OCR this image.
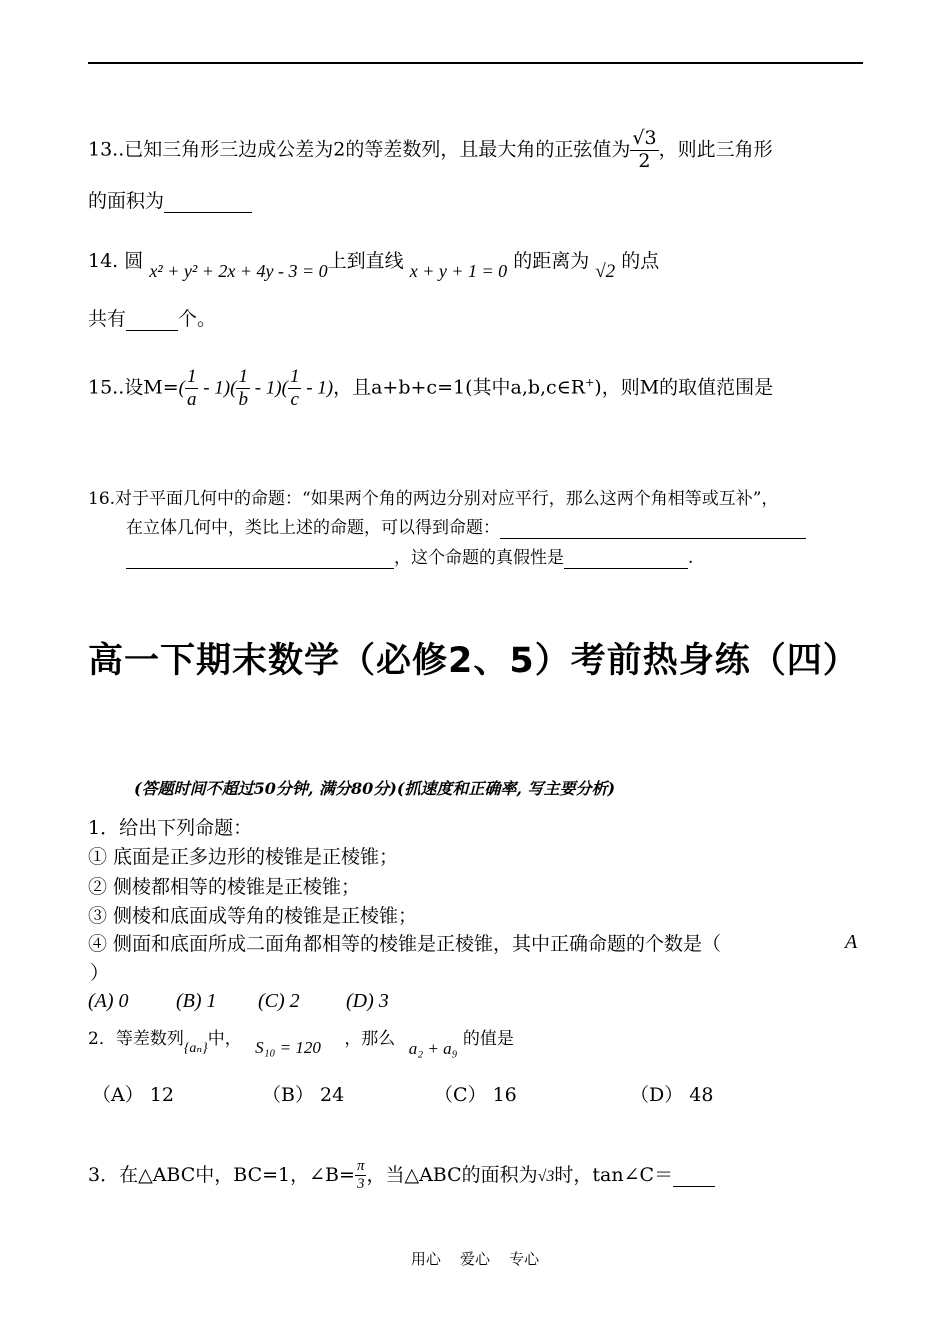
13..已知三角形三边成公差为2的等差数列，且最大角的正弦值为 $\frac{√3}{2}$ ，则此三角形
的面积为
14. 圆 x² + y² + 2x + 4y - 3 = 0上到直线 x + y + 1 = 0 的距离为 √2 的点
共有	个。
15..设$M=( \frac{1}{a} - 1)( \frac{1}{b} - 1)( \frac{1}{c} - 1)$，且a+b+c=1(其中a,b,c∈R+)，则M的取值范围是
16.对于平面几何中的命题：“如果两个角的两边分别对应平行，那么这两个角相等或互补”，
在立体几何中，类比上述的命题，可以得到命题：
，这个命题的真假性是	.
高一下期末数学（必修2、5）考前热身练（四）
(答题时间不超过50分钟, 满分80分)(抓速度和正确率, 写主要分析)
1．给出下列命题：
① 底面是正多边形的棱锥是正棱锥；
② 侧棱都相等的棱锥是正棱锥；
③ 侧棱和底面成等角的棱锥是正棱锥；
④ 侧面和底面所成二面角都相等的棱锥是正棱锥，其中正确命题的个数是（	A
）
(A) 0 (B) 1 (C) 2 (D) 3
2．等差数列$_{\{a_n\}}$中， S₁₀ = 120 ，那么 a₂ + a₉ 的值是
（A） 12	（B） 24	（C） 16	（D） 48
3．在△ABC中，BC=1，∠B= $\frac{\pi}{3}$ ，当△ABC的面积为√3时，tan∠C＝
用心    爱心    专心
